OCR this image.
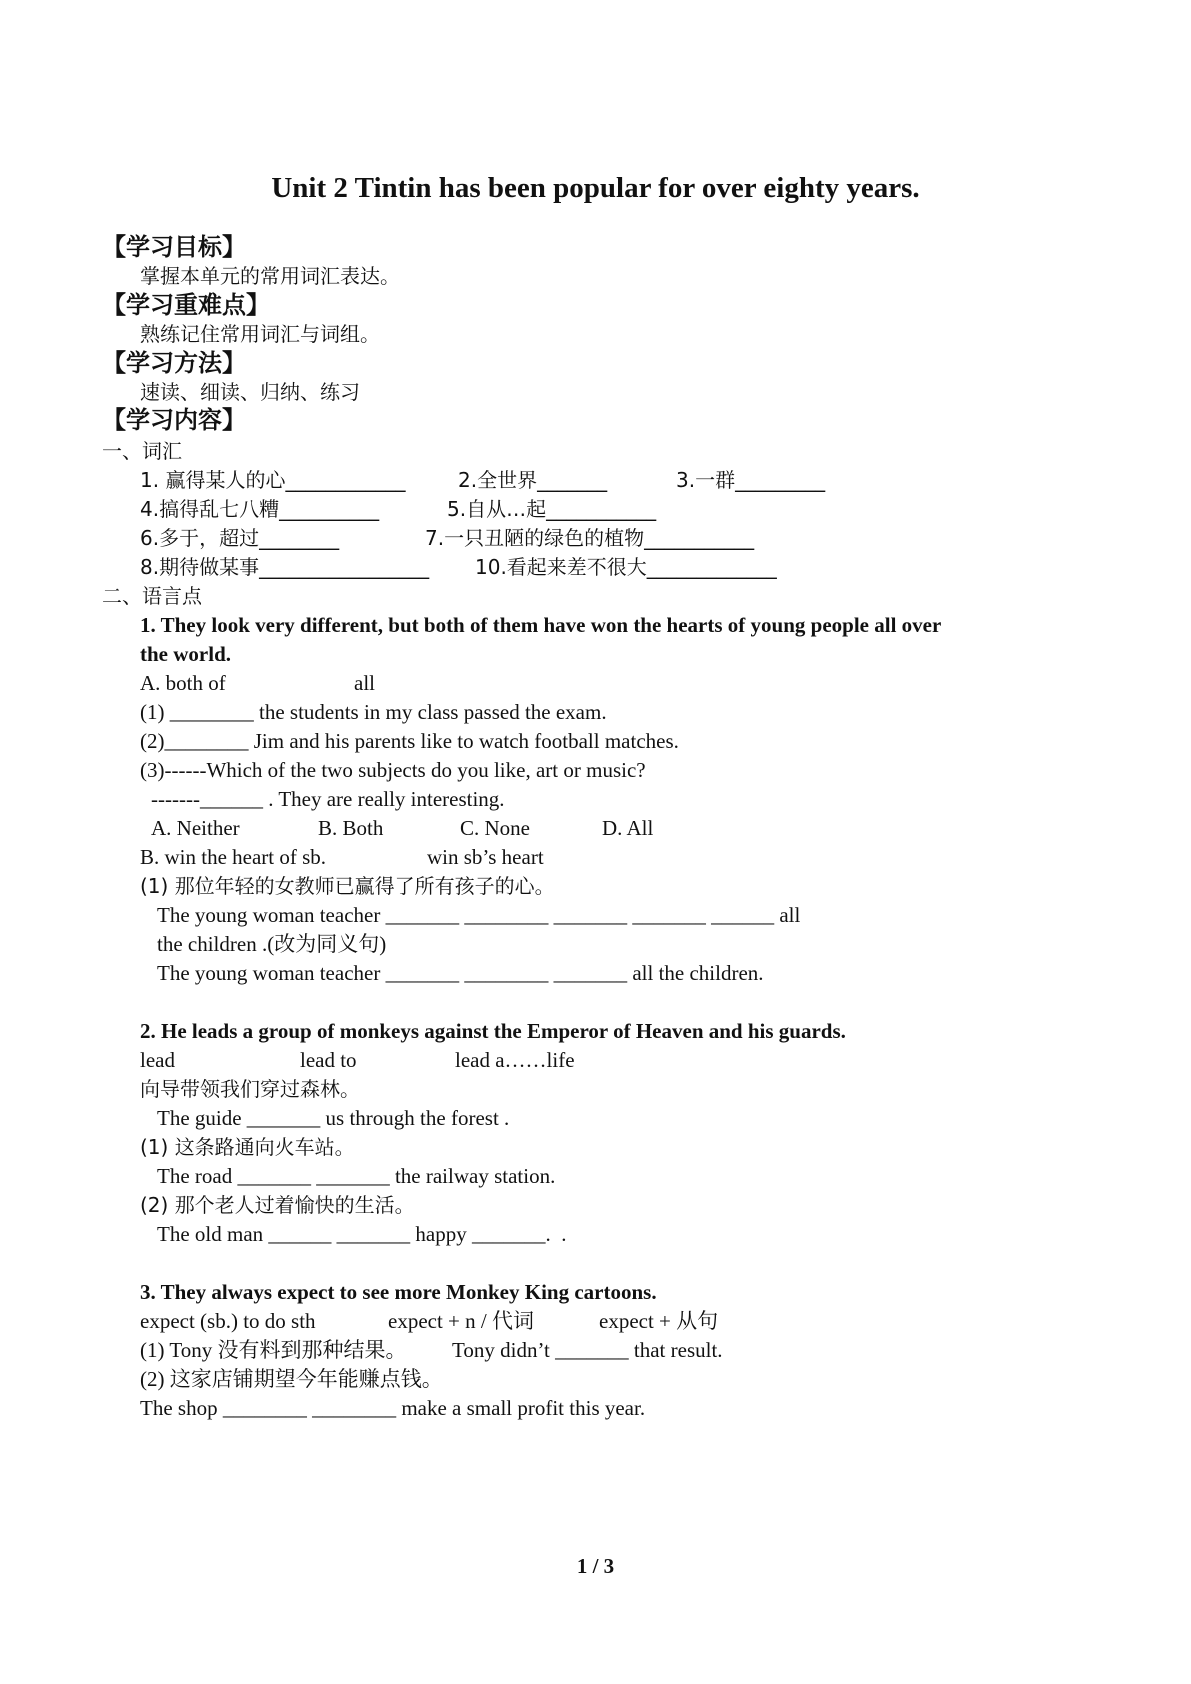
Unit 2 Tintin has been popular for over eighty years.
【学习目标】
掌握本单元的常用词汇表达。
【学习重难点】
熟练记住常用词汇与词组。
【学习方法】
速读、细读、归纳、练习
【学习内容】
一、词汇
1. 赢得某人的心____________	2.全世界_______	3.一群_________
4.搞得乱七八糟__________	5.自从…起___________
6.多于，超过________	7.一只丑陋的绿色的植物___________
8.期待做某事_________________ 10.看起来差不很大_____________
二、语言点
1. They look very different, but both of them have won the hearts of young people all over
the world.
A. both of	all
(1) ________ the students in my class passed the exam.
(2)________ Jim and his parents like to watch football matches.
(3)------Which of the two subjects do you like, art or music?
-------______ . They are really interesting.
A. Neither	B. Both	C. None	D. All
B. win the heart of sb.	win sb’s heart
(1) 那位年轻的女教师已赢得了所有孩子的心。
The young woman teacher _______ ________ _______ _______ ______ all
the children .(改为同义句)
The young woman teacher _______ ________ _______ all the children.
2. He leads a group of monkeys against the Emperor of Heaven and his guards.
lead	lead to	lead a……life
向导带领我们穿过森林。
The guide _______ us through the forest .
(1) 这条路通向火车站。
The road _______ _______ the railway station.
(2) 那个老人过着愉快的生活。
The old man ______ _______ happy _______.  .
3. They always expect to see more Monkey King cartoons.
expect (sb.) to do sth	expect + n / 代词	expect + 从句
(1) Tony 没有料到那种结果。 Tony didn’t _______ that result.
(2) 这家店铺期望今年能赚点钱。
The shop ________ ________ make a small profit this year.
1 / 3
